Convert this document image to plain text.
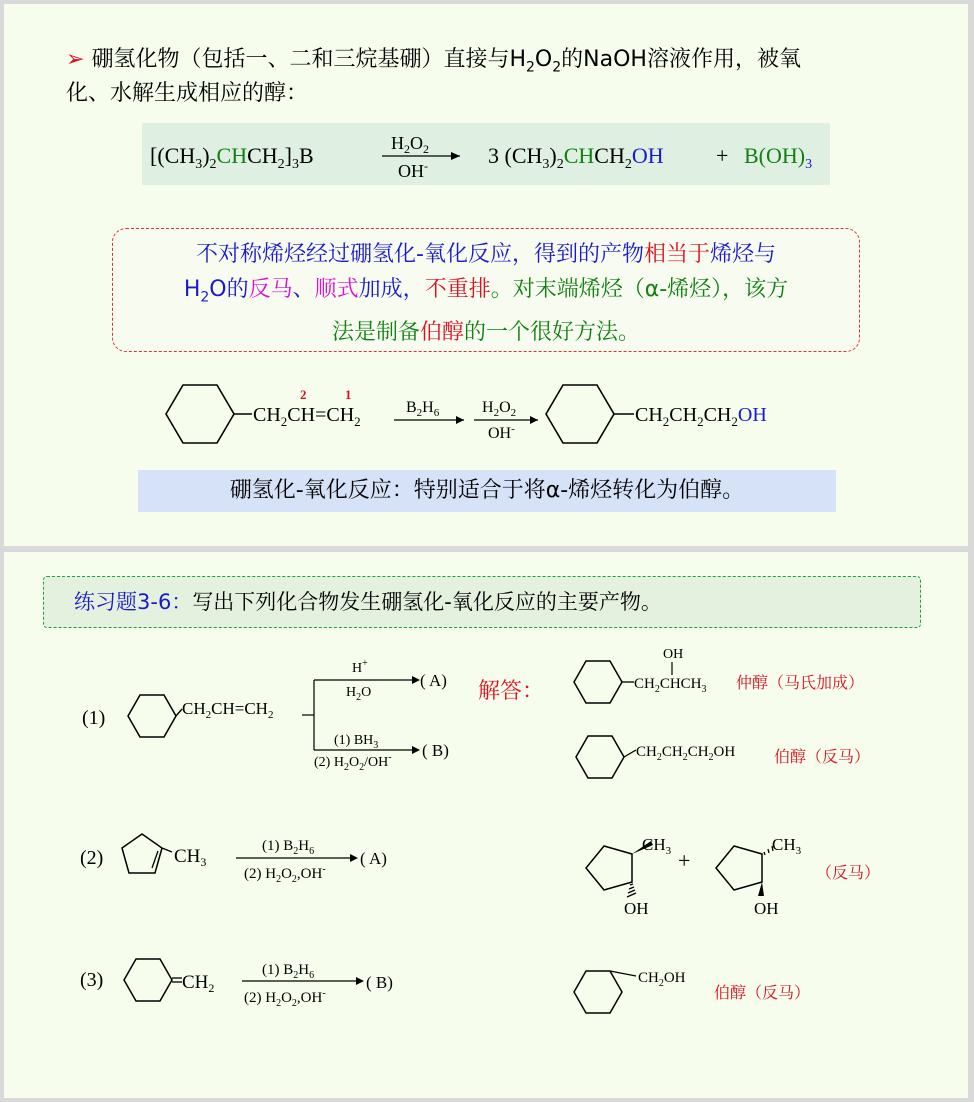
➢ 硼氢化物（包括一、二和三烷基硼）直接与$H_2O_2$的NaOH溶液作用，被氧
化、水解生成相应的醇：
$[(CH_3)_2CHCH_2]_3B$	$H_2O_2$
OH-	3 $(CH_3)_2CHCH_2OH + B(OH)_3$
不对称烯烃经过硼氢化-氧化反应，得到的产物相当于烯烃与
$H_2O$的反马、顺式加成，不重排。对末端烯烃（α-烯烃），该方
法是制备伯醇的一个很好方法。
2	1
$CH_2CH=CH_2$
$B_2H_6$	$H_2O_2$
OH-
$CH_2CH_2CH_2OH$
硼氢化-氧化反应：特别适合于将α-烯烃转化为伯醇。
练习题3-6：写出下列化合物发生硼氢化-氧化反应的主要产物。
(1)	$CH_2CH=CH_2$
H+
$H_2O$
( A)
(1) $BH_3$
(2) $H_2O_2/OH^-$ ( B)
解答：	$CH_2CHCH_3$
OH
仲醇（马氏加成）
$CH_2CH_2CH_2OH$ 伯醇（反马）
(2)	$CH_3$
(1) $B_2H_6$
(2) $H_2O_2,OH^-$
( A)
$CH_3$
OH
+
$CH_3$
OH
（反马）
(3)	$CH_2$
(1) $B_2H_6$
(2) $H_2O_2,OH^-$
( B)	$CH_2OH$
伯醇（反马）
